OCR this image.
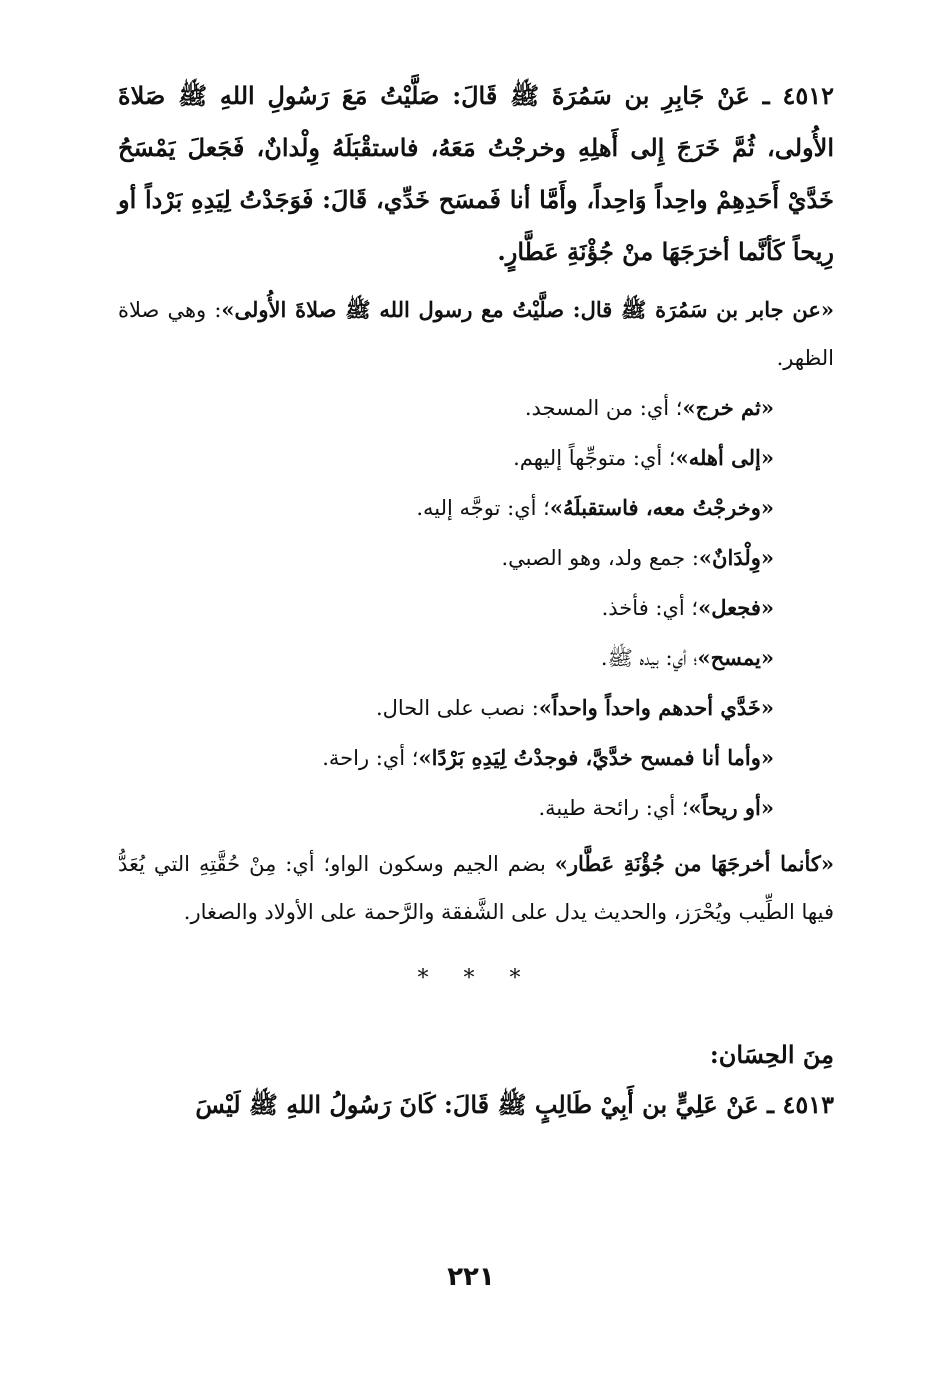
٤٥١٢ ـ عَنْ جَابِرِ بن سَمُرَةَ ﷺ قَالَ: صَلَّيْتُ مَعَ رَسُولِ اللهِ ﷺ صَلاةَ الأُولى، ثُمَّ خَرَجَ إِلى أَهلِهِ وخرجْتُ مَعَهُ، فاستقْبَلَهُ وِلْدانٌ، فَجَعلَ يَمْسَحُ خَدَّيْ أَحَدِهِمْ واحِداً وَاحِداً، وأَمَّا أنا فَمسَح خَدِّي، قَالَ: فَوَجَدْتُ لِيَدِهِ بَرْداً أو رِيحاً كَأنَّما أخرَجَهَا منْ جُؤْنَةِ عَطَّارٍ.

«عن جابر بن سَمُرَة ﷺ قال: صلَّيْتُ مع رسول الله ﷺ صلاةَ الأُولى»: وهي صلاة الظهر.

«ثم خرج»؛ أي: من المسجد.

«إلى أهله»؛ أي: متوجِّهاً إليهم.

«وخرجْتُ معه، فاستقبلَهُ»؛ أي: توجَّه إليه.

«وِلْدَانٌ»: جمع ولد، وهو الصبي.

«فجعل»؛ أي: فأخذ.

«يمسح»؛ أي: بيده ﷺ.

«خَدَّي أحدهم واحداً واحداً»: نصب على الحال.

«وأما أنا فمسح خدَّيَّ، فوجدْتُ لِيَدِهِ بَرْدًا»؛ أي: راحة.

«أو ريحاً»؛ أي: رائحة طيبة.

«كأنما أخرجَهَا من جُؤْنَةِ عَطَّار» بضم الجيم وسكون الواو؛ أي: مِنْ حُقَّتِهِ التي يُعَدُّ فيها الطِّيب ويُحْرَز، والحديث يدل على الشَّفقة والرَّحمة على الأولاد والصغار.

* * *

مِنَ الحِسَان:

٤٥١٣ ـ عَنْ عَلِيٍّ بن أَبِيْ طَالِبٍ ﷺ قَالَ: كَانَ رَسُولُ اللهِ ﷺ لَيْسَ

٢٢١
